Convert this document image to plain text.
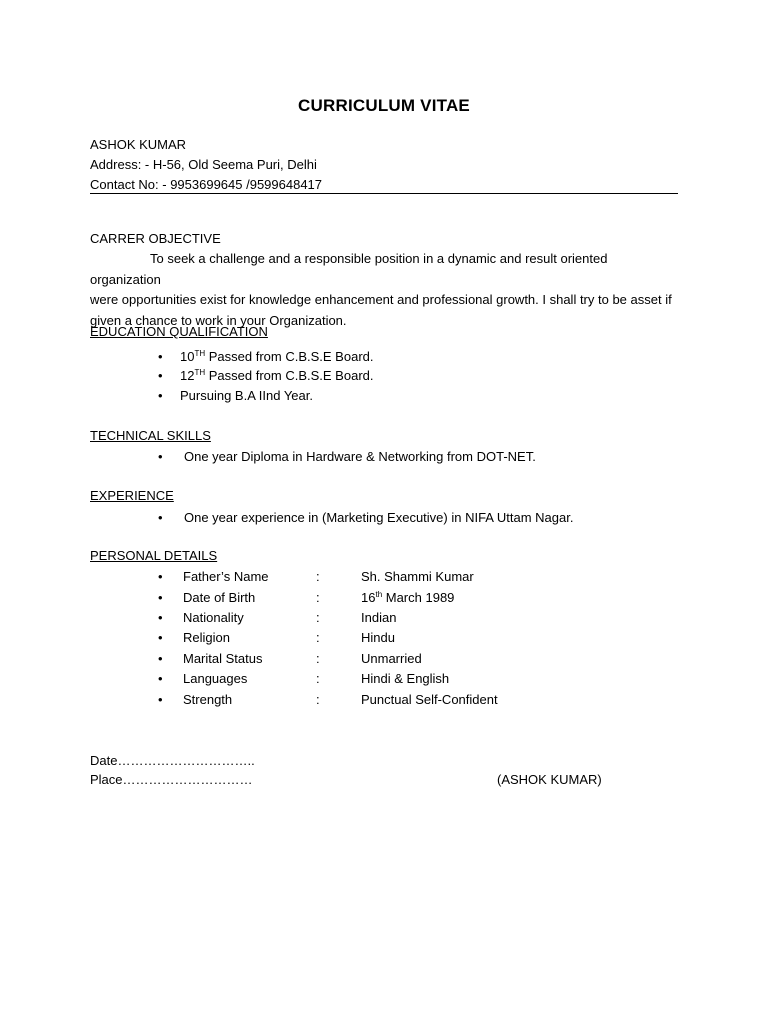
CURRICULUM VITAE
ASHOK KUMAR
Address: - H-56, Old Seema Puri, Delhi
Contact No: - 9953699645 /9599648417
CARRER OBJECTIVE
To seek a challenge and a responsible position in a dynamic and result oriented organization
were opportunities exist for knowledge enhancement and professional growth. I shall try to be asset if
given a chance to work in your Organization.
EDUCATION QUALIFICATION
• 10TH Passed from C.B.S.E Board.
• 12TH Passed from C.B.S.E Board.
• Pursuing B.A IInd Year.
TECHNICAL SKILLS
• One year Diploma in Hardware & Networking from DOT-NET.
EXPERIENCE
• One year experience in (Marketing Executive) in NIFA Uttam Nagar.
PERSONAL DETAILS
• Father’s Name	:	Sh. Shammi Kumar
• Date of Birth	:	16th March 1989
• Nationality	:	Indian
• Religion	:	Hindu
• Marital Status	:	Unmarried
• Languages	:	Hindi & English
• Strength	:	Punctual Self-Confident
Date…………………………..
Place…………………………	(ASHOK KUMAR)
